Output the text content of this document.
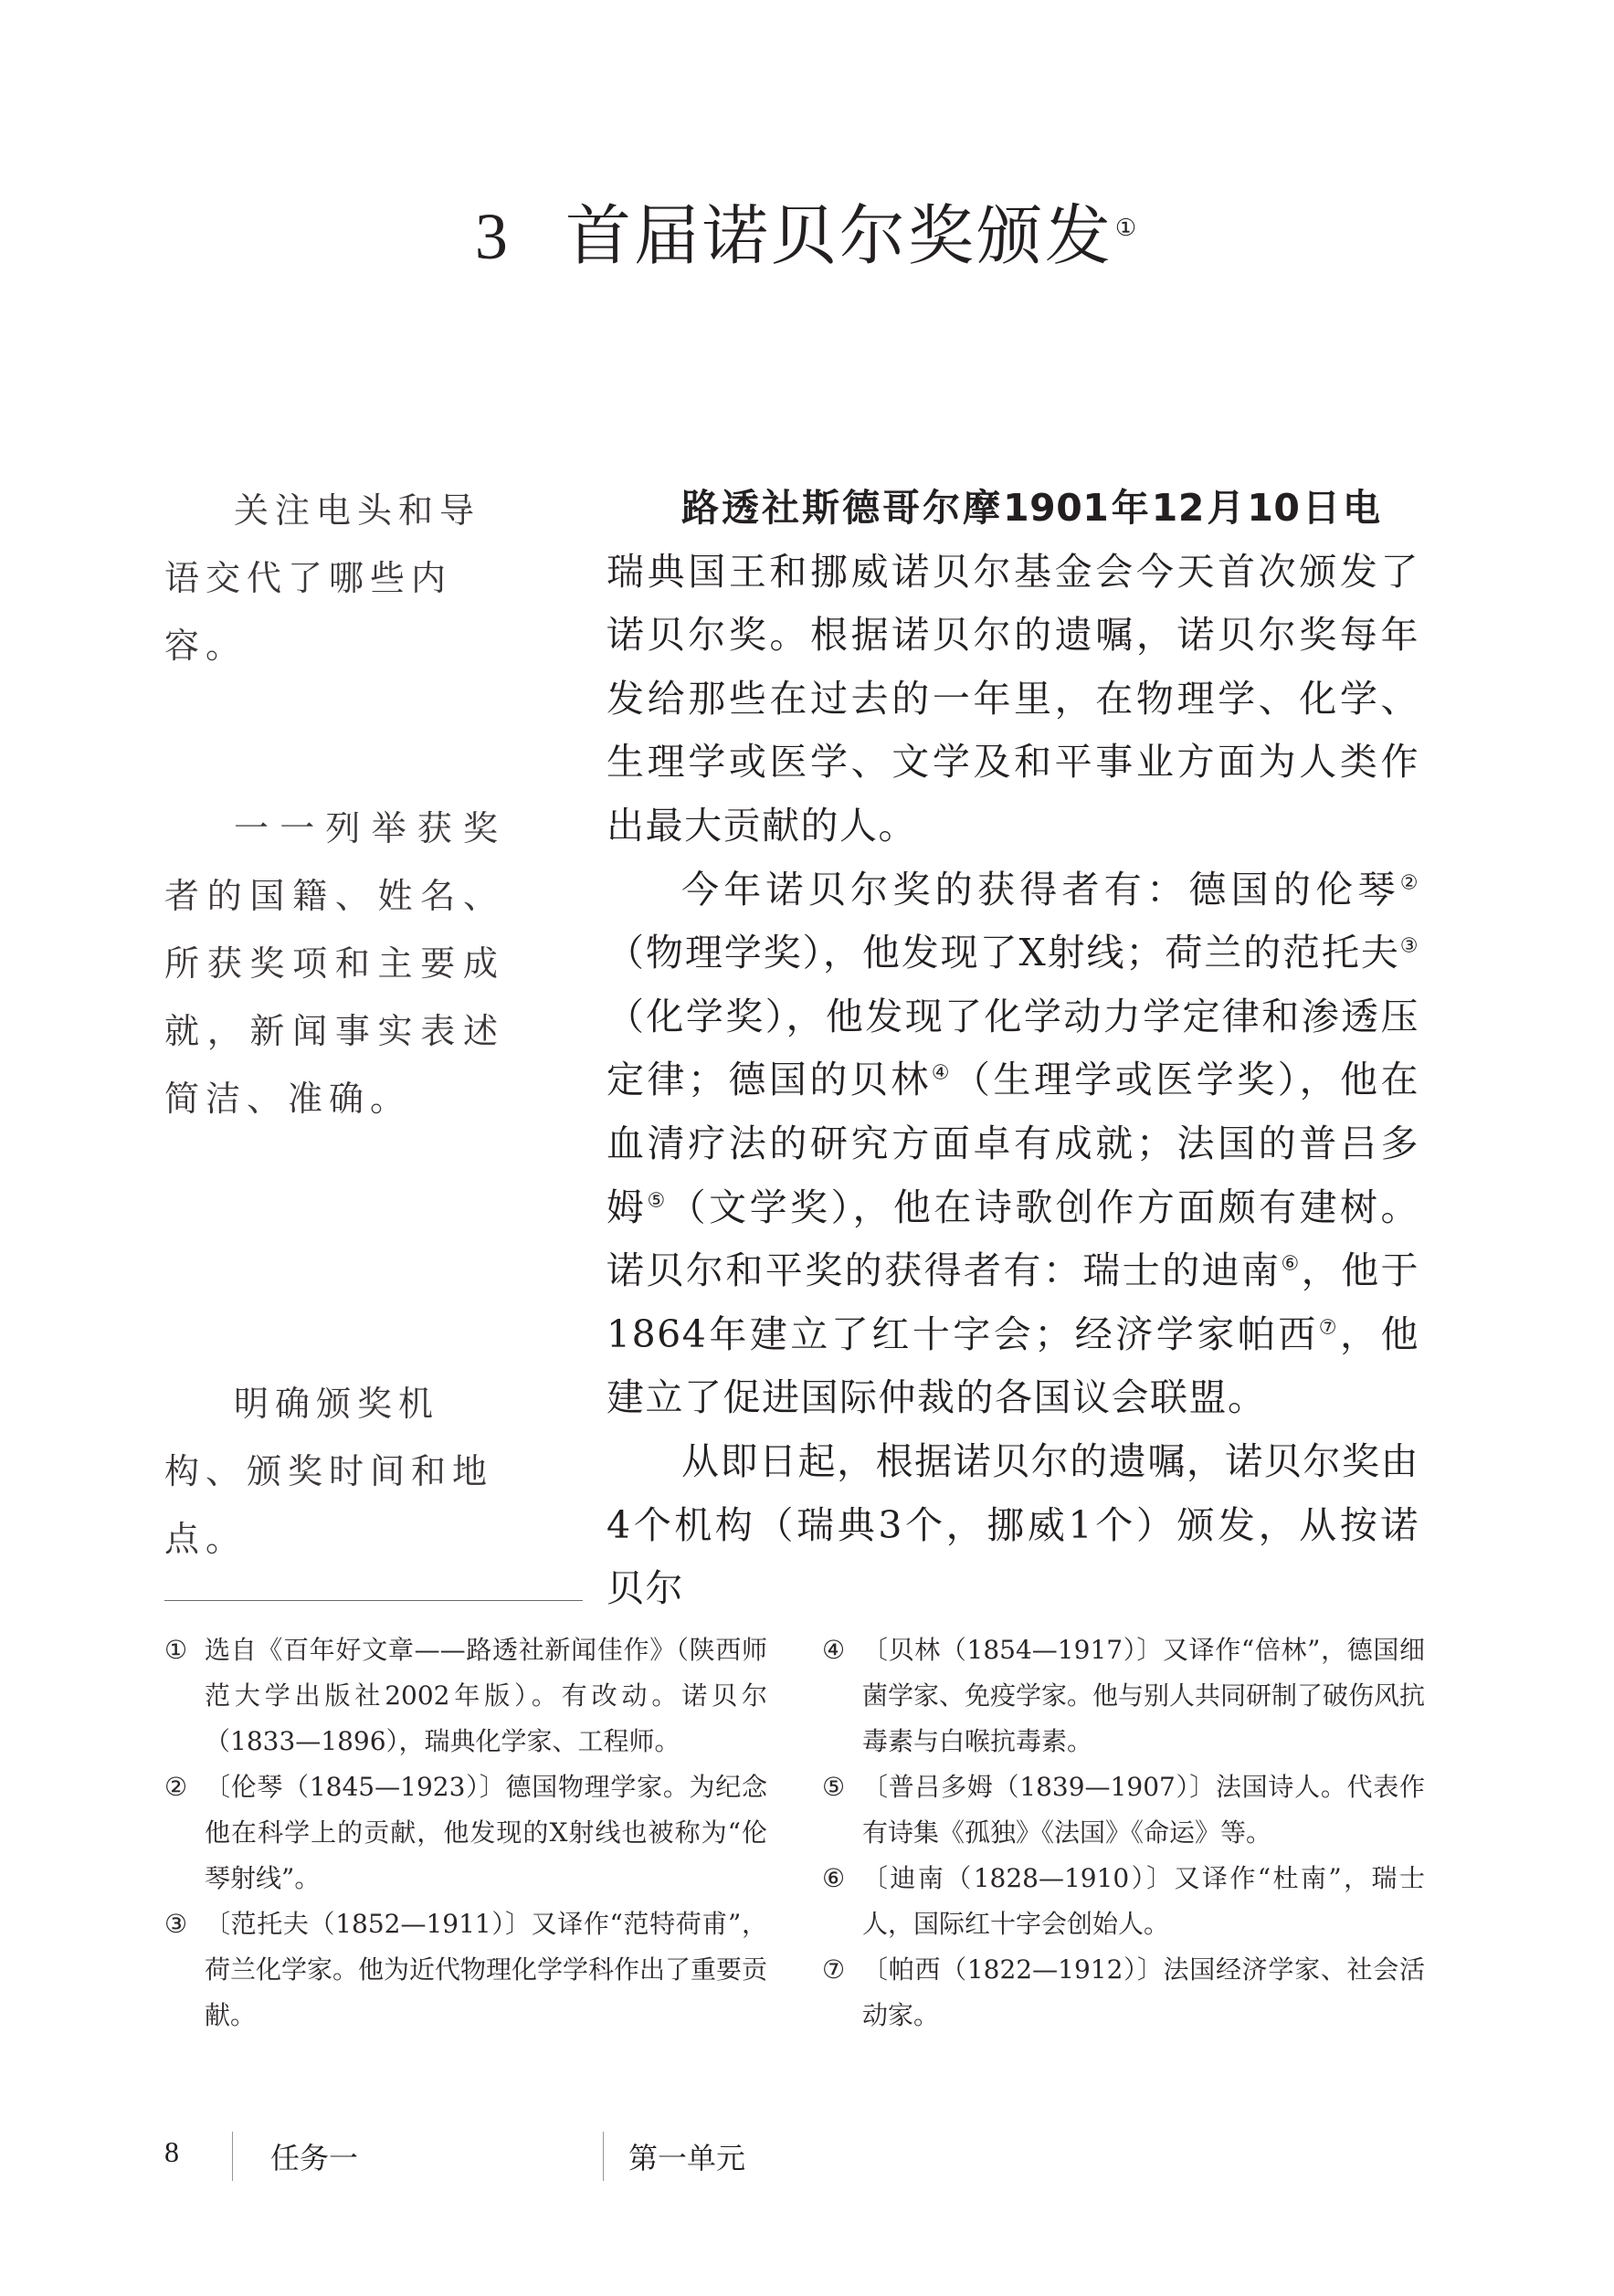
3 首届诺贝尔奖颁发①
关注电头和导语交代了哪些内容。
一一列举获奖者的国籍、姓名、所获奖项和主要成就，新闻事实表述简洁、准确。
明确颁奖机构、颁奖时间和地点。

路透社斯德哥尔摩1901年12月10日电瑞典国王和挪威诺贝尔基金会今天首次颁发了诺贝尔奖。根据诺贝尔的遗嘱，诺贝尔奖每年发给那些在过去的一年里，在物理学、化学、生理学或医学、文学及和平事业方面为人类作出最大贡献的人。

今年诺贝尔奖的获得者有：德国的伦琴②（物理学奖），他发现了X射线；荷兰的范托夫③（化学奖），他发现了化学动力学定律和渗透压定律；德国的贝林④（生理学或医学奖），他在血清疗法的研究方面卓有成就；法国的普吕多姆⑤（文学奖），他在诗歌创作方面颇有建树。诺贝尔和平奖的获得者有：瑞士的迪南⑥，他于1864年建立了红十字会；经济学家帕西⑦，他建立了促进国际仲裁的各国议会联盟。

从即日起，根据诺贝尔的遗嘱，诺贝尔奖由4个机构（瑞典3个，挪威1个）颁发，从按诺贝尔

① 选自《百年好文章——路透社新闻佳作》（陕西师范大学出版社2002年版）。有改动。诺贝尔（1833—1896），瑞典化学家、工程师。
② 〔伦琴（1845—1923）〕德国物理学家。为纪念他在科学上的贡献，他发现的X射线也被称为“伦琴射线”。
③ 〔范托夫（1852—1911）〕又译作“范特荷甫”，荷兰化学家。他为近代物理化学学科作出了重要贡献。
④ 〔贝林（1854—1917）〕又译作“倍林”，德国细菌学家、免疫学家。他与别人共同研制了破伤风抗毒素与白喉抗毒素。
⑤ 〔普吕多姆（1839—1907）〕法国诗人。代表作有诗集《孤独》《法国》《命运》等。
⑥ 〔迪南（1828—1910）〕又译作“杜南”，瑞士人，国际红十字会创始人。
⑦ 〔帕西（1822—1912）〕法国经济学家、社会活动家。
8	任务一	第一单元
